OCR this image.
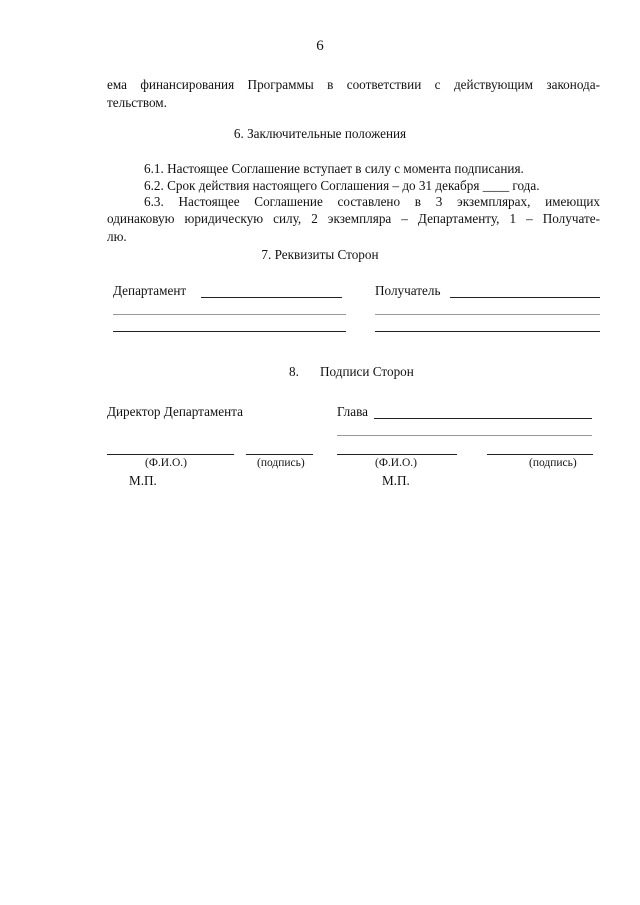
6
ема финансирования Программы в соответствии с действующим законода-
тельством.
6. Заключительные положения
6.1. Настоящее Соглашение вступает в силу с момента подписания.
6.2. Срок действия настоящего Соглашения – до 31 декабря ____ года.
6.3. Настоящее Соглашение составлено в 3 экземплярах, имеющих
одинаковую юридическую силу, 2 экземпляра – Департаменту, 1 – Получате-
лю.
7. Реквизиты Сторон
Департамент	Получатель
8. Подписи Сторон
Директор Департамента	Глава
(Ф.И.О.)	(подпись)	(Ф.И.О.)	(подпись)
М.П.	М.П.
